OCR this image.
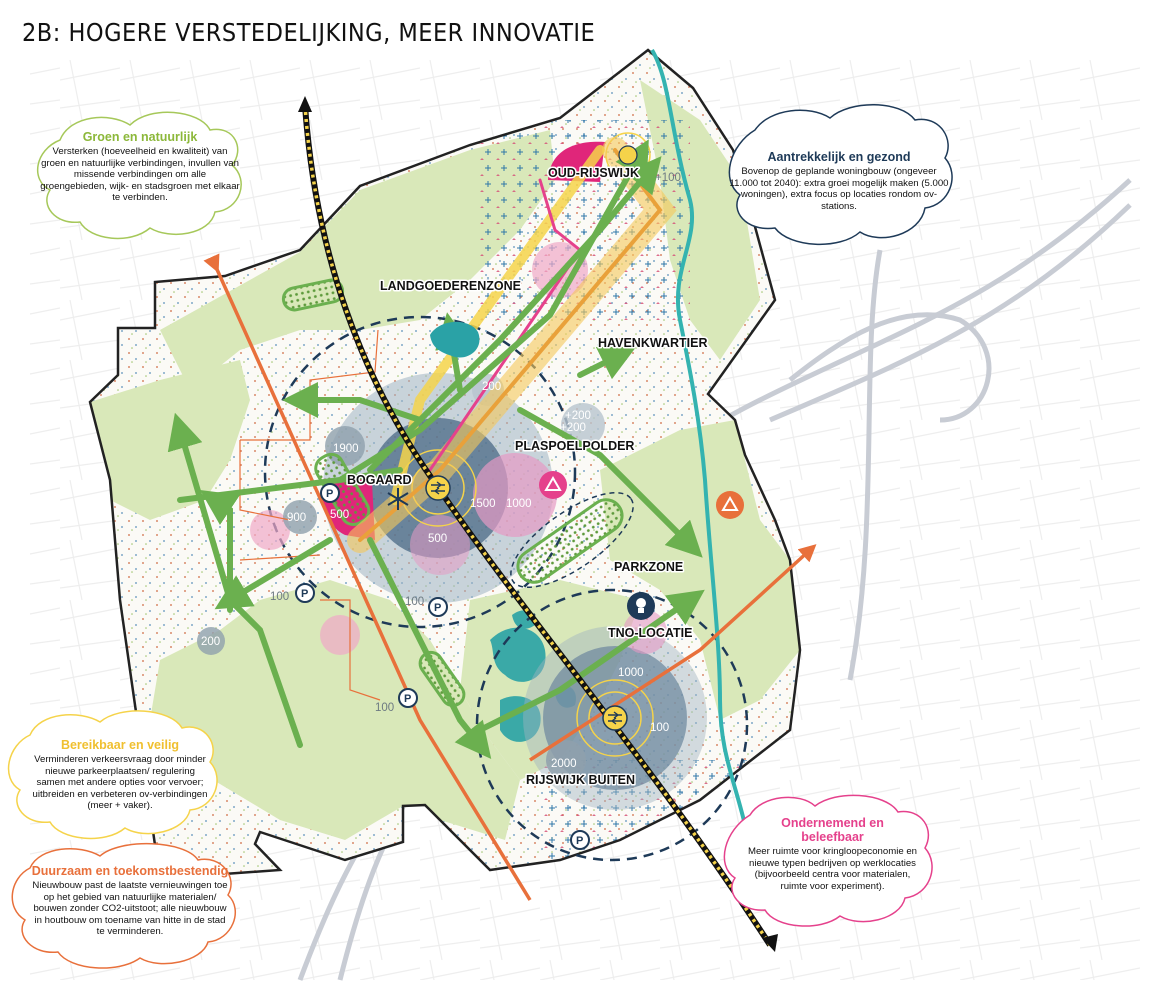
2B: HOGERE VERSTEDELIJKING, MEER INNOVATIE
OUD-RIJSWIJK
LANDGOEDERENZONE
HAVENKWARTIER
PLASPOELPOLDER
BOGAARD
PARKZONE
TNO-LOCATIE
RIJSWIJK BUITEN
+100
200
+200
+200
1900
1500 1000
900 500
500
100	100
200
100
1000
100
2000
P
P
P
P
P
Groen en natuurlijk

Versterken (hoeveelheid en kwaliteit) van groen en natuurlijke verbindingen, invullen van missende verbindingen om alle groengebieden, wijk- en stadsgroen met elkaar te verbinden.

Aantrekkelijk en gezond

Bovenop de geplande woningbouw (ongeveer 11.000 tot 2040): extra groei mogelijk maken (5.000 woningen), extra focus op locaties rondom ov-stations.

Bereikbaar en veilig

Verminderen verkeersvraag door minder nieuwe parkeerplaatsen/ regulering samen met andere opties voor vervoer; uitbreiden en verbeteren ov-verbindingen (meer + vaker).

Ondernemend en beleefbaar

Meer ruimte voor kringloopeconomie en nieuwe typen bedrijven op werklocaties (bijvoorbeeld centra voor materialen, ruimte voor experiment).

Duurzaam en toekomstbestendig

Nieuwbouw past de laatste vernieuwingen toe op het gebied van natuurlijke materialen/ bouwen zonder CO2-uitstoot; alle nieuwbouw in houtbouw om toename van hitte in de stad te verminderen.
